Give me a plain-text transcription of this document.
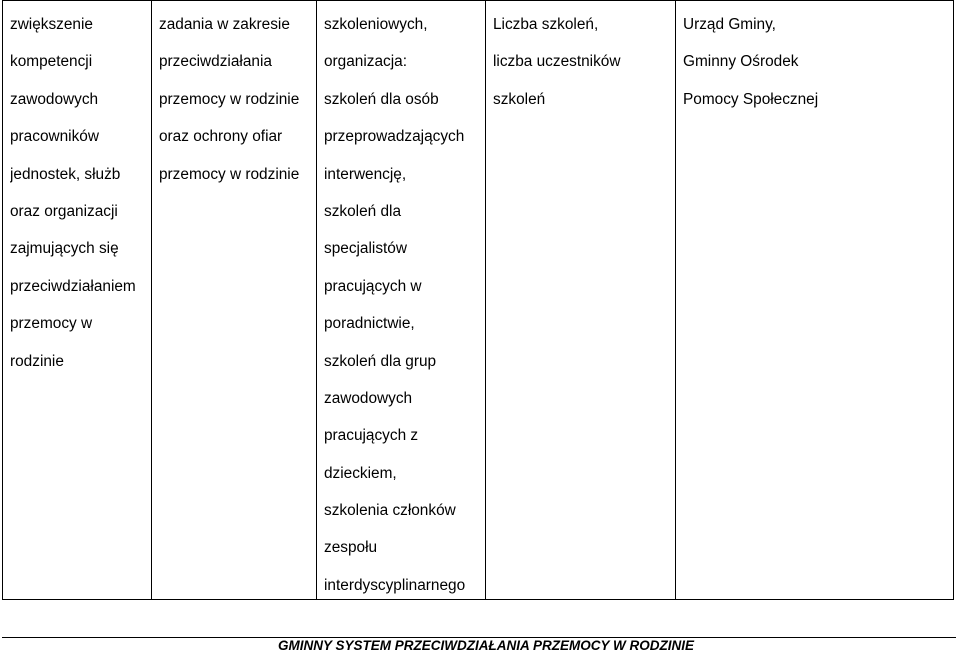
zwiększenie
kompetencji
zawodowych
pracowników
jednostek, służb
oraz organizacji
zajmujących się
przeciwdziałaniem
przemocy w
rodzinie
zadania w zakresie
przeciwdziałania
przemocy w rodzinie
oraz ochrony ofiar
przemocy w rodzinie
szkoleniowych,
organizacja:
szkoleń dla osób
przeprowadzających
interwencję,
szkoleń dla
specjalistów
pracujących w
poradnictwie,
szkoleń dla grup
zawodowych
pracujących z
dzieckiem,
szkolenia członków
zespołu
interdyscyplinarnego
Liczba szkoleń,
liczba uczestników
szkoleń
Urząd Gminy,
Gminny Ośrodek
Pomocy Społecznej
GMINNY SYSTEM PRZECIWDZIAŁANIA PRZEMOCY W RODZINIE
